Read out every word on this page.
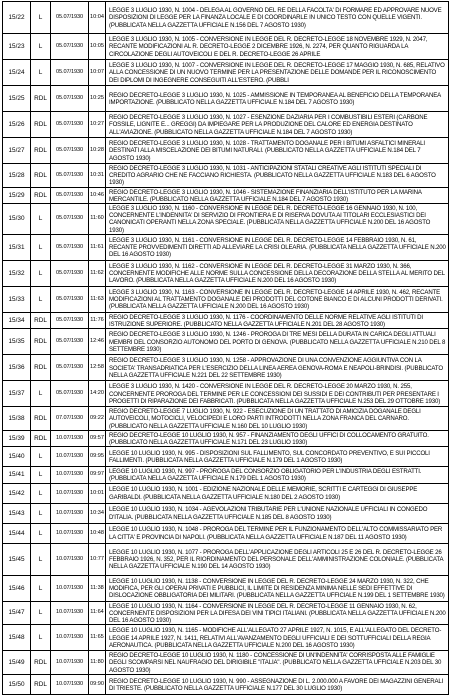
15/22	L	05.07/1930	10:04	LEGGE 3 LUGLIO 1930, N. 1004 - DELEGA AL GOVERNO DEL RE DELLA FACOLTA' DI FORMARE ED APPROVARE NUOVE DISPOSIZIONI DI LEGGE PER LA FINANZA LOCALE E DI COORDINARLE IN UNICO TESTO CON QUELLE VIGENTI. (PUBBLICATA NELLA GAZZETTA UFFICIALE N.156 DEL 7 AGOSTO 1930)
15/23	L	05.07/1930	10:05	LEGGE 3 LUGLIO 1930, N. 1005 - CONVERSIONE IN LEGGE DEL R. DECRETO-LEGGE 18 NOVEMBRE 1929, N. 2047, RECANTE MODIFICAZIONI AL R. DECRETO-LEGGE 2 DICEMBRE 1926, N. 2274, PER QUANTO RIGUARDA LA CIRCOLAZIONE DEGLI AUTOVEICOLI E DEL R. DECRETO-LEGGE 26 APRILE
15/24	L	05.07/1930	10:07	LEGGE 3 LUGLIO 1930, N. 1007 - CONVERSIONE IN LEGGE DEL R. DECRETO-LEGGE 17 MAGGIO 1930, N. 685, RELATIVO ALLA CONCESSIONE DI UN NUOVO TERMINE PER LA PRESENTAZIONE DELLE DOMANDE PER IL RICONOSCIMENTO DEI DIPLOMI DI INGEGNERE CONSEGUITI ALL'ESTERO. (PUBBLI
15/25	RDL	05.07/1930	10:25	REGIO DECRETO-LEGGE 3 LUGLIO 1930, N. 1025 - AMMISSIONE IN TEMPORANEA AL BENEFICIO DELLA TEMPORANEA IMPORTAZIONE. (PUBBLICATO NELLA GAZZETTA UFFICIALE N.184 DEL 7 AGOSTO 1930)
15/26	RDL	05.07/1930	10:27	REGIO DECRETO-LEGGE 3 LUGLIO 1930, N. 1027 - ESENZIONE DAZIARIA PER I COMBUSTIBILI ESTERI (CARBONE FOSSILE, LIGNITE E... GREGGI) DA IMPIEGARE PER LA PRODUZIONE DEL CALORE ED ENERGIA DESTINATO ALL'AVIAZIONE. (PUBBLICATO NELLA GAZZETTA UFFICIALE N.184 DEL 7 AGOSTO 1930)
15/27	RDL	05.07/1930	10:28	REGIO DECRETO-LEGGE 3 LUGLIO 1930, N. 1028 - TRATTAMENTO DOGANALE PER I BITUMI ASFALTICI MINERALI DESTINATI ALLA MISCELAZIONE DEI BITUMI NATURALI. (PUBBLICATO NELLA GAZZETTA UFFICIALE N.184 DEL 7 AGOSTO 1930)
15/28	RDL	05.07/1930	10:31	REGIO DECRETO-LEGGE 3 LUGLIO 1930, N. 1031 - ANTICIPAZIONI STATALI CREATIVE AGLI ISTITUTI SPECIALI DI CREDITO AGRARIO CHE NE FACCIANO RICHIESTA. (PUBBLICATO NELLA GAZZETTA UFFICIALE N.183 DEL 6 AGOSTO 1930)
15/29	RDL	05.07/1930	10:46	REGIO DECRETO-LEGGE 3 LUGLIO 1930, N. 1046 - SISTEMAZIONE FINANZIARIA DELL'ISTITUTO PER LA MARINA MERCANTILE. (PUBBLICATO NELLA GAZZETTA UFFICIALE N.184 DEL 7 AGOSTO 1930)
15/30	L	05.07/1930	11:60	LEGGE 3 LUGLIO 1930, N. 1160 - CONVERSIONE IN LEGGE DEL R. DECRETO-LEGGE 16 GENNAIO 1930, N. 100, CONCERNENTE L'INDENNITA' DI SERVIZIO DI FRONTIERA E DI RISERVA DOVUTA AI TITOLARI ECCLESIASTICI DEI CANONICATI OPERANTI NELLA ZONA SPECIALE. (PUBBLICATA NELLA GAZZETTA UFFICIALE N.200 DEL 16 AGOSTO 1930)
15/31	L	05.07/1930	11:61	LEGGE 3 LUGLIO 1930, N. 1161 - CONVERSIONE IN LEGGE DEL R. DECRETO-LEGGE 14 FEBBRAIO 1930, N. 61, RECANTE PROVVEDIMENTI DIRETTI AD ALLEVIARE LA CRISI OLEARIA. (PUBBLICATA NELLA GAZZETTA UFFICIALE N.200 DEL 16 AGOSTO 1930)
15/32	L	05.07/1930	11:62	LEGGE 3 LUGLIO 1930, N. 1162 - CONVERSIONE IN LEGGE DEL R. DECRETO-LEGGE 31 MARZO 1930, N. 366, CONCERNENTE MODIFICHE ALLE NORME SULLA CONCESSIONE DELLA DECORAZIONE DELLA STELLA AL MERITO DEL LAVORO. (PUBBLICATA NELLA GAZZETTA UFFICIALE N.200 DEL 16 AGOSTO 1930)
15/33	L	05.07/1930	11:63	LEGGE 3 LUGLIO 1930, N. 1163 - CONVERSIONE IN LEGGE DEL R. DECRETO-LEGGE 14 APRILE 1930, N. 462, RECANTE MODIFICAZIONI AL TRATTAMENTO DOGANALE DEI PRODOTTI DEL COTONE BIANCO E DI ALCUNI PRODOTTI DERIVATI. (PUBBLICATA NELLA GAZZETTA UFFICIALE N.200 DEL 16 AGOSTO 1930)
15/34	RDL	05.07/1930	11:76	REGIO DECRETO-LEGGE 3 LUGLIO 1930, N. 1176 - COORDINAMENTO DELLE NORME RELATIVE AGLI ISTITUTI DI ISTRUZIONE SUPERIORE. (PUBBLICATO NELLA GAZZETTA UFFICIALE N.201 DEL 28 AGOSTO 1930)
15/35	RDL	05.07/1930	12:46	REGIO DECRETO-LEGGE 3 LUGLIO 1930, N. 1246 - PROROGA DI TRE MESI DELLA DURATA IN CARICA DEGLI ATTUALI MEMBRI DEL CONSORZIO AUTONOMO DEL PORTO DI GENOVA. (PUBBLICATO NELLA GAZZETTA UFFICIALE N.210 DEL 8 SETTEMBRE 1930)
15/36	RDL	05.07/1930	12:58	REGIO DECRETO-LEGGE 3 LUGLIO 1930, N. 1258 - APPROVAZIONE DI UNA CONVENZIONE AGGIUNTIVA CON LA SOCIETA' TRANSADRIATICA PER L'ESERCIZIO DELLA LINEA AEREA GENOVA-ROMA E NEAPOLI-BRINDISI. (PUBBLICATO NELLA GAZZETTA UFFICIALE N.221 DEL 22 SETTEMBRE 1930)
15/37	L	05.07/1930	14:20	LEGGE 3 LUGLIO 1930, N. 1420 - CONVERSIONE IN LEGGE DEL R. DECRETO-LEGGE 20 MARZO 1930, N. 255, CONCERNENTE PROROGA DEL TERMINE PER LE CONCESSIONI DEI SUSSIDI E DEI CONTRIBUTI PER PRESENTARE I PROGETTI DI RIPARAZIONE DEI FABBRICATI. (PUBBLICATA NELLA GAZZETTA UFFICIALE N.253 DEL 29 OTTOBRE 1930)
15/38	RDL	07.07/1930	09:22	REGIO DECRETO-LEGGE 7 LUGLIO 1930, N. 922 - ESECUZIONE DI UN TRATTATO DI AMICIZIA DOGANALE DEGLI AUTOVEICOLI, MOTOCICLI, VELOCIPEDI E LORO PARTI INTRODOTTI NELLA ZONA FRANCA DEL CARNARO. (PUBBLICATO NELLA GAZZETTA UFFICIALE N.160 DEL 10 LUGLIO 1930)
15/39	RDL	10.07/1930	09:57	REGIO DECRETO-LEGGE 10 LUGLIO 1930, N. 957 - FINANZIAMENTO DEGLI UFFICI DI COLLOCAMENTO GRATUITO. (PUBBLICATO NELLA GAZZETTA UFFICIALE N.171 DEL 23 LUGLIO 1930)
15/40	L	10.07/1930	09:95	LEGGE 10 LUGLIO 1930, N. 995 - DISPOSIZIONI SUL FALLIMENTO, SUL CONCORDATO PREVENTIVO, E SUI PICCOLI FALLIMENTI. (PUBBLICATA NELLA GAZZETTA UFFICIALE N.179 DEL 1 AGOSTO 1930)
15/41	L	10.07/1930	09:97	LEGGE 10 LUGLIO 1930, N. 997 - PROROGA DEL CONSORZIO OBLIGATORIO PER L'INDUSTRIA DEGLI ESTRATTI. (PUBBLICATA NELLA GAZZETTA UFFICIALE N.179 DEL 1 AGOSTO 1930)
15/42	L	10.07/1930	10:01	LEGGE 10 LUGLIO 1930, N. 1001 - EDIZIONE NAZIONALE DELLE MEMORIE, SCRITTI E CARTEGGI DI GIUSEPPE GARIBALDI. (PUBBLICATA NELLA GAZZETTA UFFICIALE N.180 DEL 2 AGOSTO 1930)
15/43	L	10.07/1930	10:34	LEGGE 10 LUGLIO 1930, N. 1034 - AGEVOLAZIONI TRIBUTARIE PER L'UNIONE NAZIONALE UFFICIALI IN CONGEDO D'ITALIA. (PUBBLICATA NELLA GAZZETTA UFFICIALE N.185 DEL 8 AGOSTO 1930)
15/44	L	10.07/1930	10:48	LEGGE 10 LUGLIO 1930, N. 1048 - PROROGA DEL TERMINE PER IL FUNZIONAMENTO DELL'ALTO COMMISSARIATO PER LA CITTA' E PROVINCIA DI NAPOLI. (PUBBLICATA NELLA GAZZETTA UFFICIALE N.187 DEL 11 AGOSTO 1930)
15/45	L	10.07/1930	10:77	LEGGE 10 LUGLIO 1930, N. 1077 - PROROGA DELL'APPLICAZIONE DEGLI ARTICOLI 25 E 26 DEL R. DECRETO-LEGGE 26 FEBBRAIO 1926, N. 352, PER IL RIORDINAMENTO DEL PERSONALE DELL'AMMINISTRAZIONE COLONIALE. (PUBBLICATA NELLA GAZZETTA UFFICIALE N.190 DEL 14 AGOSTO 1930)
15/46	L	10.07/1930	11:38	LEGGE 10 LUGLIO 1930, N. 1138 - CONVERSIONE IN LEGGE DEL R. DECRETO-LEGGE 24 MARZO 1930, N. 322, CHE MODIFICA, PER GLI OPERAI PRIVATI E PUBBLICI, IL LIMITE DI RESIDENZA MINIMA NELLE SEDI EFFETTIVE DI DISLOCAZIONE OBBLIGATORIA DEI MILITARI. (PUBBLICATA NELLA GAZZETTA UFFICIALE N.199 DEL 1 SETTEMBRE 1930)
15/47	L	10.07/1930	11:64	LEGGE 10 LUGLIO 1930, N. 1164 - CONVERSIONE IN LEGGE DEL R. DECRETO-LEGGE 11 GENNAIO 1930, N. 62, CONCERNENTE DISPOSIZIONI PER LA DIFESA DEI VINI TIPICI ITALIANI. (PUBBLICATA NELLA GAZZETTA UFFICIALE N.200 DEL 16 AGOSTO 1930)
15/48	L	10.07/1930	11:65	LEGGE 10 LUGLIO 1930, N. 1165 - MODIFICHE ALL'ALLEGATO 27 APRILE 1927, N. 1015, E ALL'ALLEGATO DEL DECRETO-LEGGE 14 APRILE 1927, N. 1411, RELATIVI ALL'AVANZAMENTO DEGLI UFFICIALI E DEI SOTTUFFICIALI DELLA REGIA AERONAUTICA. (PUBBLICATA NELLA GAZZETTA UFFICIALE N.200 DEL 16 AGOSTO 1930)
15/49	RDL	10.07/1930	11:80	REGIO DECRETO-LEGGE 10 LUGLIO 1930, N. 1180 - CONCESSIONE DI UN'INDENNITA' CORRISPOSTA ALLE FAMIGLIE DEGLI SCOMPARSI NEL NAUFRAGIO DEL DIRIGIBILE "ITALIA". (PUBBLICATO NELLA GAZZETTA UFFICIALE N.203 DEL 30 AGOSTO 1930)
15/50	RDL	10.07/1930	09:90	REGIO DECRETO-LEGGE 10 LUGLIO 1930, N. 990 - ASSEGNAZIONE DI L. 2.000.000 A FAVORE DEI MAGAZZINI GENERALI DI TRIESTE. (PUBBLICATO NELLA GAZZETTA UFFICIALE N.177 DEL 30 LUGLIO 1930)
